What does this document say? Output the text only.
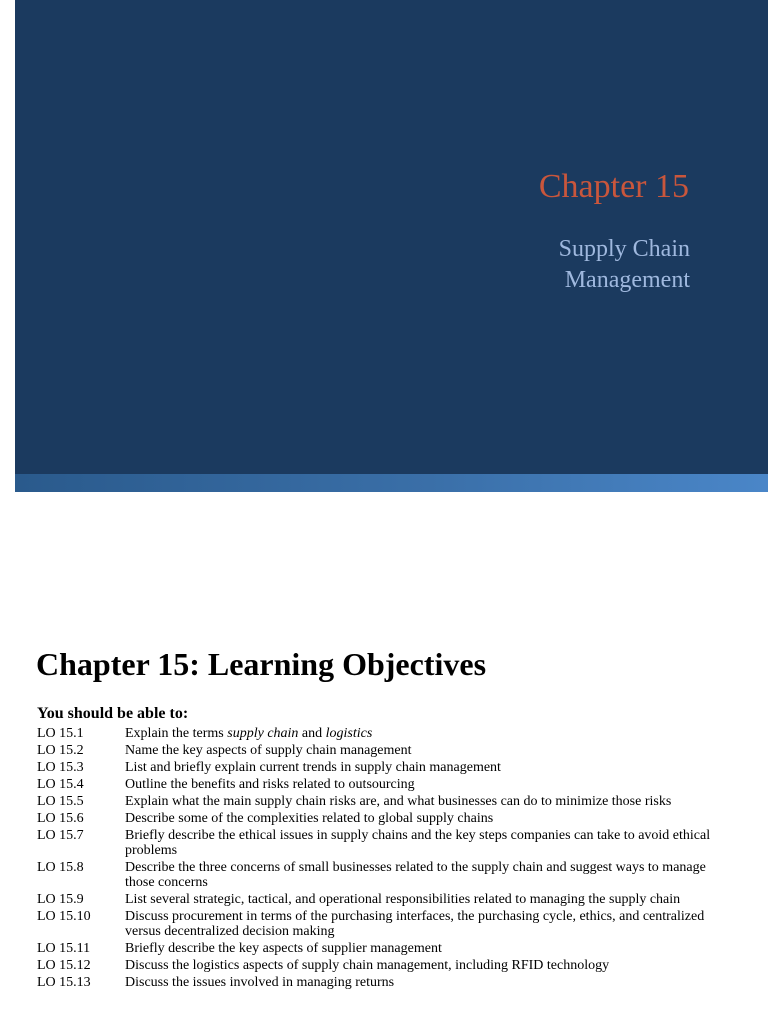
Chapter 15
Supply Chain
Management
Chapter 15: Learning Objectives
You should be able to:
LO 15.1	Explain the terms supply chain and logistics
LO 15.2	Name the key aspects of supply chain management
LO 15.3	List and briefly explain current trends in supply chain management
LO 15.4	Outline the benefits and risks related to outsourcing
LO 15.5	Explain what the main supply chain risks are, and what businesses can do to minimize those risks
LO 15.6	Describe some of the complexities related to global supply chains
LO 15.7	Briefly describe the ethical issues in supply chains and the key steps companies can take to avoid ethical problems
LO 15.8	Describe the three concerns of small businesses related to the supply chain and suggest ways to manage those concerns
LO 15.9	List several strategic, tactical, and operational responsibilities related to managing the supply chain
LO 15.10	Discuss procurement in terms of the purchasing interfaces, the purchasing cycle, ethics, and centralized versus decentralized decision making
LO 15.11	Briefly describe the key aspects of supplier management
LO 15.12	Discuss the logistics aspects of supply chain management, including RFID technology
LO 15.13	Discuss the issues involved in managing returns
